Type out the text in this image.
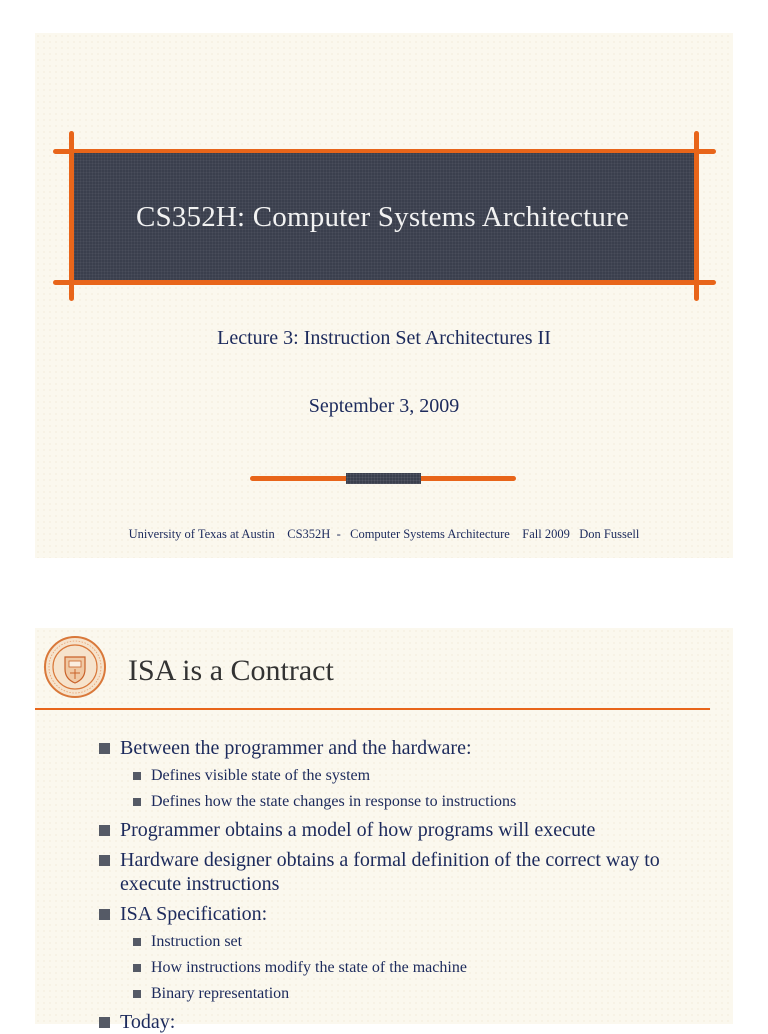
CS352H: Computer Systems Architecture
Lecture 3: Instruction Set Architectures II
September 3, 2009
University of Texas at Austin    CS352H  -   Computer Systems Architecture    Fall 2009   Don Fussell
ISA is a Contract
Between the programmer and the hardware:
Defines visible state of the system
Defines how the state changes in response to instructions
Programmer obtains a model of how programs will execute
Hardware designer obtains a formal definition of the correct way to execute instructions
ISA Specification:
Instruction set
How instructions modify the state of the machine
Binary representation
Today:
